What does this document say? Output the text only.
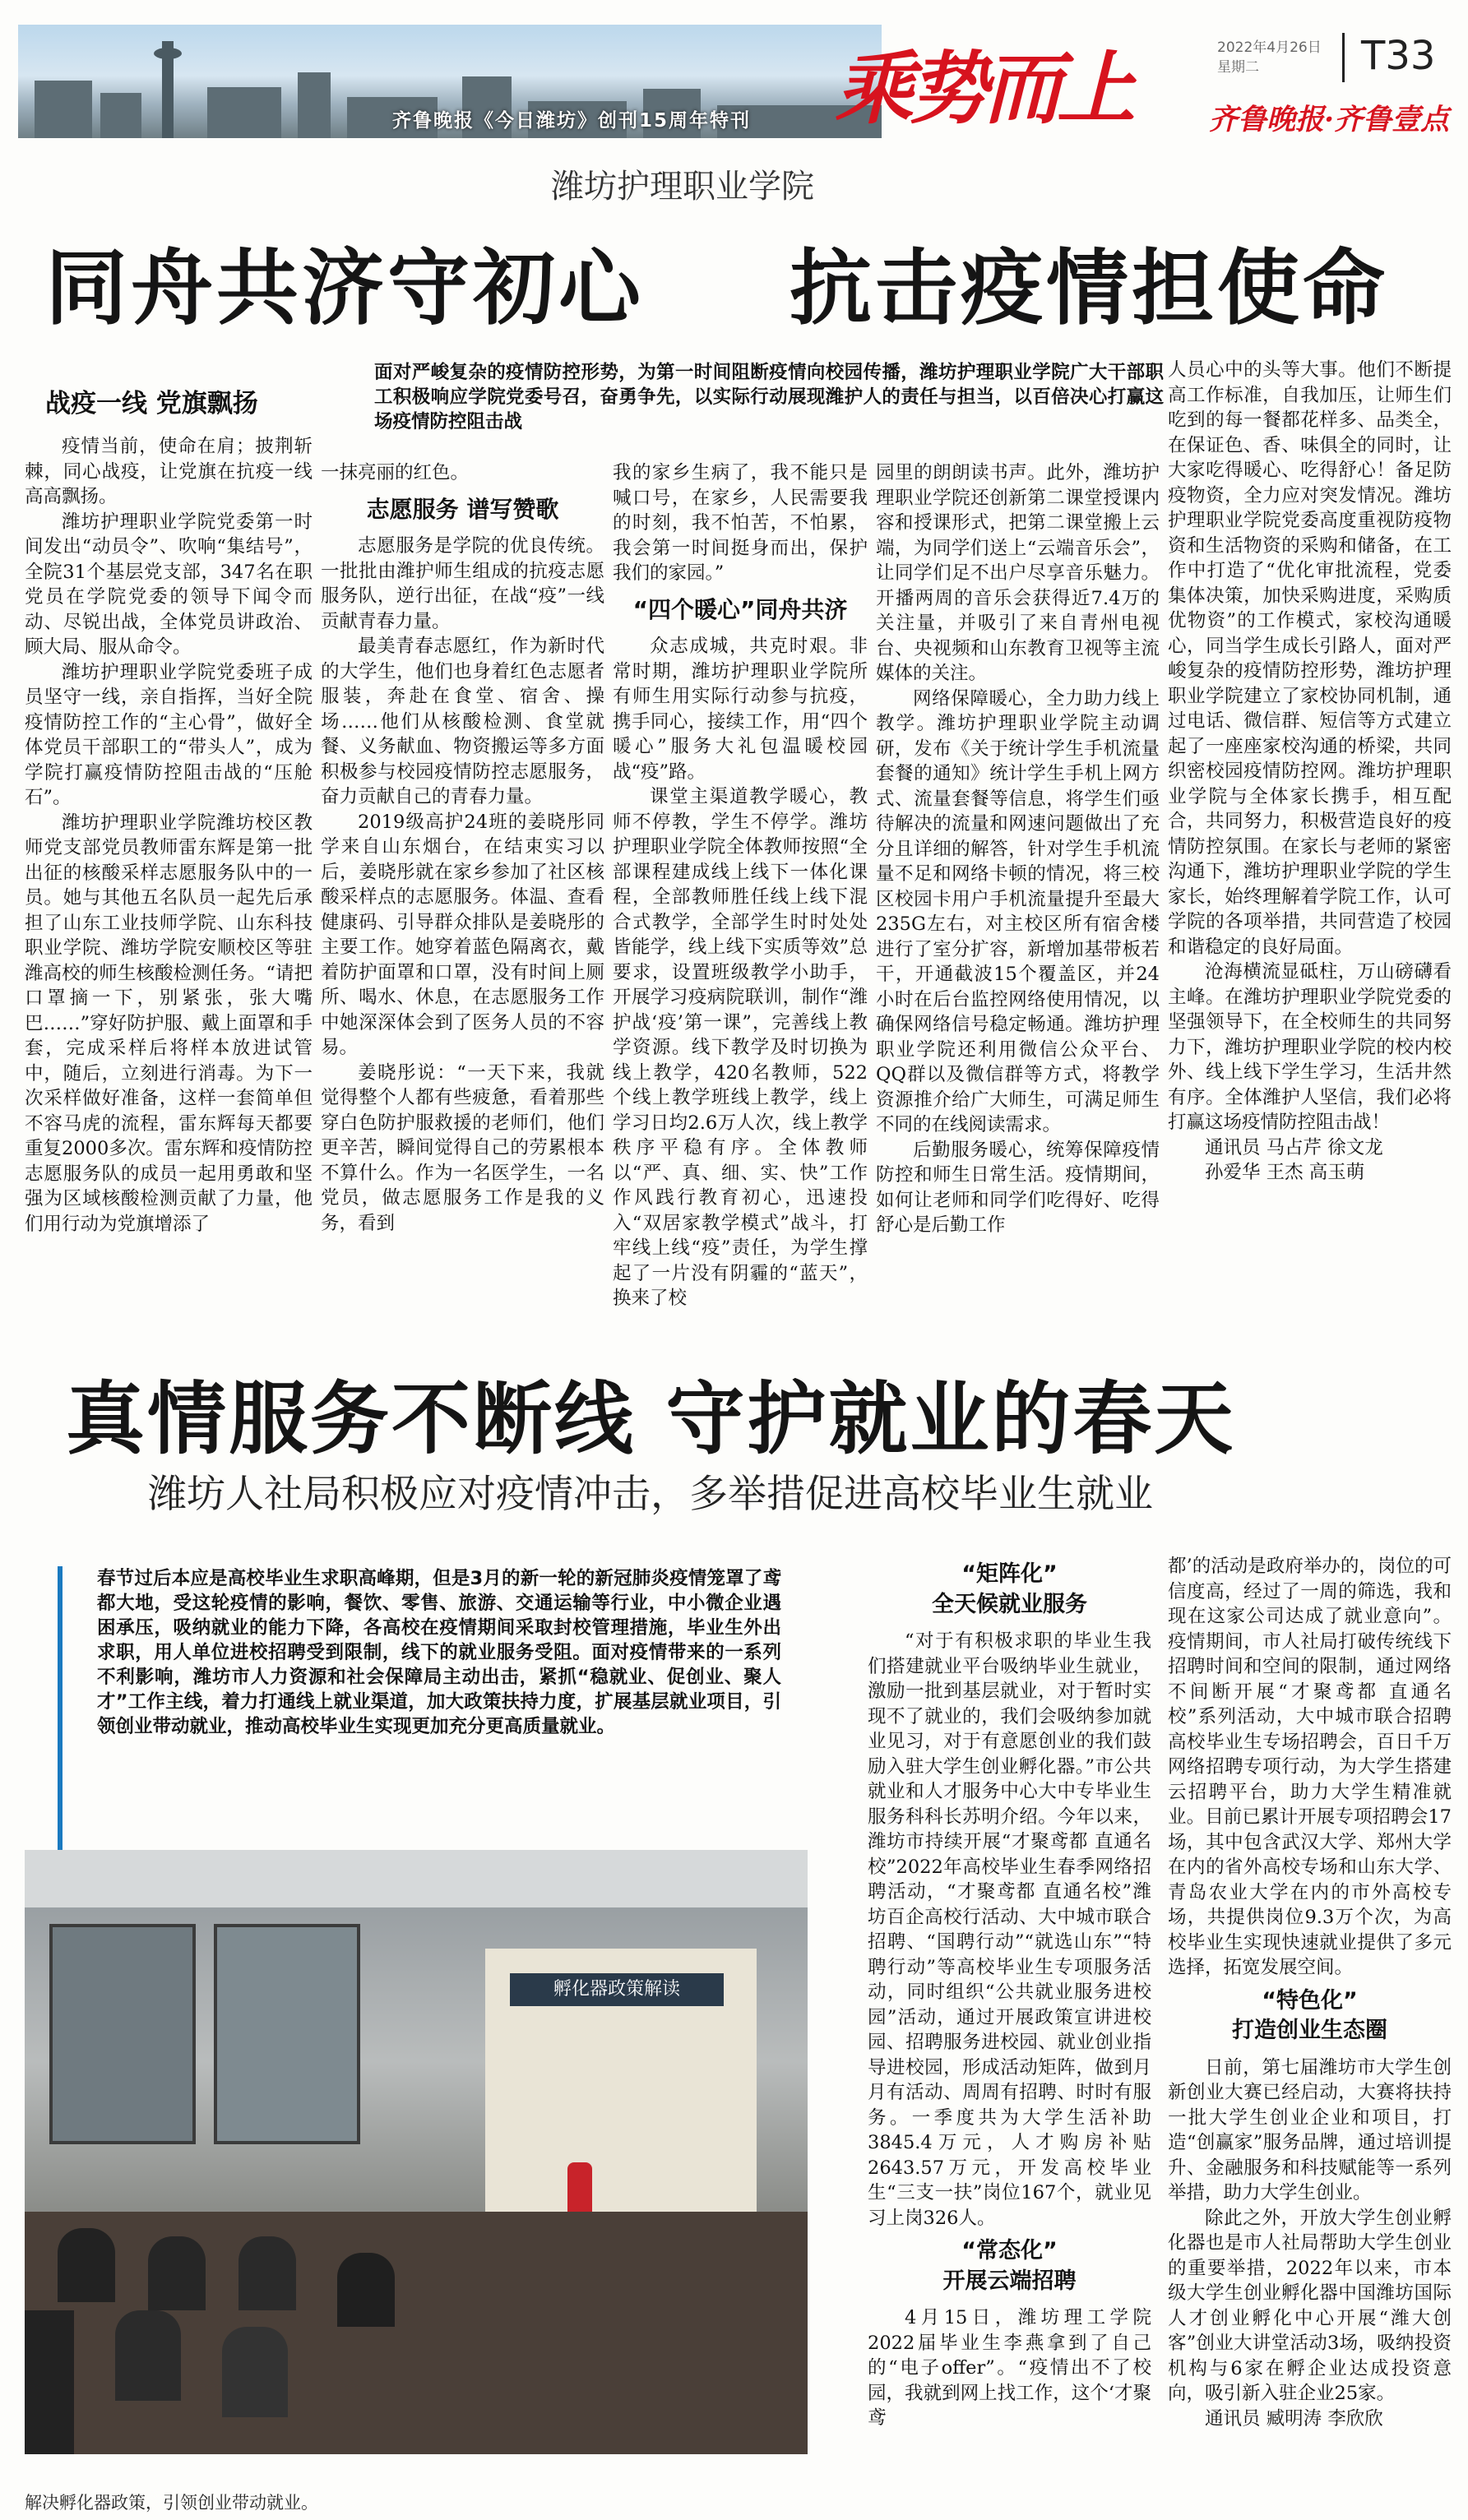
齐鲁晚报《今日潍坊》创刊15周年特刊 乘势而上	2022年4月26日
星期二	T33
齐鲁晚报·齐鲁壹点
潍坊护理职业学院
同舟共济守初心 抗击疫情担使命
面对严峻复杂的疫情防控形势，为第一时间阻断疫情向校园传播，潍坊护理职业学院广大干部职工积极响应学院党委号召，奋勇争先，以实际行动展现潍护人的责任与担当，以百倍决心打赢这场疫情防控阻击战
战疫一线 党旗飘扬

疫情当前，使命在肩；披荆斩棘，同心战疫，让党旗在抗疫一线高高飘扬。

潍坊护理职业学院党委第一时间发出“动员令”、吹响“集结号”，全院31个基层党支部，347名在职党员在学院党委的领导下闻令而动、尽锐出战，全体党员讲政治、顾大局、服从命令。

潍坊护理职业学院党委班子成员坚守一线，亲自指挥，当好全院疫情防控工作的“主心骨”，做好全体党员干部职工的“带头人”，成为学院打赢疫情防控阻击战的“压舱石”。

潍坊护理职业学院潍坊校区教师党支部党员教师雷东辉是第一批出征的核酸采样志愿服务队中的一员。她与其他五名队员一起先后承担了山东工业技师学院、山东科技职业学院、潍坊学院安顺校区等驻潍高校的师生核酸检测任务。“请把口罩摘一下，别紧张，张大嘴巴……”穿好防护服、戴上面罩和手套，完成采样后将样本放进试管中，随后，立刻进行消毒。为下一次采样做好准备，这样一套简单但不容马虎的流程，雷东辉每天都要重复2000多次。雷东辉和疫情防控志愿服务队的成员一起用勇敢和坚强为区域核酸检测贡献了力量，他们用行动为党旗增添了

一抹亮丽的红色。

志愿服务 谱写赞歌

志愿服务是学院的优良传统。一批批由潍护师生组成的抗疫志愿服务队，逆行出征，在战“疫”一线贡献青春力量。

最美青春志愿红，作为新时代的大学生，他们也身着红色志愿者服装，奔赴在食堂、宿舍、操场……他们从核酸检测、食堂就餐、义务献血、物资搬运等多方面积极参与校园疫情防控志愿服务，奋力贡献自己的青春力量。

2019级高护24班的姜晓彤同学来自山东烟台，在结束实习以后，姜晓彤就在家乡参加了社区核酸采样点的志愿服务。体温、查看健康码、引导群众排队是姜晓彤的主要工作。她穿着蓝色隔离衣，戴着防护面罩和口罩，没有时间上厕所、喝水、休息，在志愿服务工作中她深深体会到了医务人员的不容易。

姜晓彤说：“一天下来，我就觉得整个人都有些疲惫，看着那些穿白色防护服救援的老师们，他们更辛苦，瞬间觉得自己的劳累根本不算什么。作为一名医学生，一名党员，做志愿服务工作是我的义务，看到

我的家乡生病了，我不能只是喊口号，在家乡，人民需要我的时刻，我不怕苦，不怕累，我会第一时间挺身而出，保护我们的家园。”

“四个暖心”同舟共济

众志成城，共克时艰。非常时期，潍坊护理职业学院所有师生用实际行动参与抗疫，携手同心，接续工作，用“四个暖心”服务大礼包温暖校园战“疫”路。

课堂主渠道教学暖心，教师不停教，学生不停学。潍坊护理职业学院全体教师按照“全部课程建成线上线下一体化课程，全部教师胜任线上线下混合式教学，全部学生时时处处皆能学，线上线下实质等效”总要求，设置班级教学小助手，开展学习疫病院联训，制作“潍护战‘疫’第一课”，完善线上教学资源。线下教学及时切换为线上教学，420名教师，522个线上教学班线上教学，线上学习日均2.6万人次，线上教学秩序平稳有序。全体教师以“严、真、细、实、快”工作作风践行教育初心，迅速投入“双居家教学模式”战斗，打牢线上线“疫”责任，为学生撑起了一片没有阴霾的“蓝天”，换来了校

园里的朗朗读书声。此外，潍坊护理职业学院还创新第二课堂授课内容和授课形式，把第二课堂搬上云端，为同学们送上“云端音乐会”，让同学们足不出户尽享音乐魅力。开播两周的音乐会获得近7.4万的关注量，并吸引了来自青州电视台、央视频和山东教育卫视等主流媒体的关注。

网络保障暖心，全力助力线上教学。潍坊护理职业学院主动调研，发布《关于统计学生手机流量套餐的通知》统计学生手机上网方式、流量套餐等信息，将学生们亟待解决的流量和网速问题做出了充分且详细的解答，针对学生手机流量不足和网络卡顿的情况，将三校区校园卡用户手机流量提升至最大235G左右，对主校区所有宿舍楼进行了室分扩容，新增加基带板若干，开通截波15个覆盖区，并24小时在后台监控网络使用情况，以确保网络信号稳定畅通。潍坊护理职业学院还利用微信公众平台、QQ群以及微信群等方式，将教学资源推介给广大师生，可满足师生不同的在线阅读需求。

后勤服务暖心，统筹保障疫情防控和师生日常生活。疫情期间，如何让老师和同学们吃得好、吃得舒心是后勤工作

人员心中的头等大事。他们不断提高工作标准，自我加压，让师生们吃到的每一餐都花样多、品类全，在保证色、香、味俱全的同时，让大家吃得暖心、吃得舒心！备足防疫物资，全力应对突发情况。潍坊护理职业学院党委高度重视防疫物资和生活物资的采购和储备，在工作中打造了“优化审批流程，党委集体决策，加快采购进度，采购质优物资”的工作模式，家校沟通暖心，同当学生成长引路人，面对严峻复杂的疫情防控形势，潍坊护理职业学院建立了家校协同机制，通过电话、微信群、短信等方式建立起了一座座家校沟通的桥梁，共同织密校园疫情防控网。潍坊护理职业学院与全体家长携手，相互配合，共同努力，积极营造良好的疫情防控氛围。在家长与老师的紧密沟通下，潍坊护理职业学院的学生家长，始终理解着学院工作，认可学院的各项举措，共同营造了校园和谐稳定的良好局面。

沧海横流显砥柱，万山磅礴看主峰。在潍坊护理职业学院党委的坚强领导下，在全校师生的共同努力下，潍坊护理职业学院的校内校外、线上线下学生学习，生活井然有序。全体潍护人坚信，我们必将打赢这场疫情防控阻击战！

通讯员 马占芹 徐文龙

孙爱华 王杰 高玉萌

真情服务不断线 守护就业的春天
潍坊人社局积极应对疫情冲击，多举措促进高校毕业生就业
春节过后本应是高校毕业生求职高峰期，但是3月的新一轮的新冠肺炎疫情笼罩了鸢都大地，受这轮疫情的影响，餐饮、零售、旅游、交通运输等行业，中小微企业遇困承压，吸纳就业的能力下降，各高校在疫情期间采取封校管理措施，毕业生外出求职，用人单位进校招聘受到限制，线下的就业服务受阻。面对疫情带来的一系列不利影响，潍坊市人力资源和社会保障局主动出击，紧抓“稳就业、促创业、聚人才”工作主线，着力打通线上就业渠道，加大政策扶持力度，扩展基层就业项目，引领创业带动就业，推动高校毕业生实现更加充分更高质量就业。
孵化器政策解读
解决孵化器政策，引领创业带动就业。
“矩阵化”
全天候就业服务

“对于有积极求职的毕业生我们搭建就业平台吸纳毕业生就业，激励一批到基层就业，对于暂时实现不了就业的，我们会吸纳参加就业见习，对于有意愿创业的我们鼓励入驻大学生创业孵化器。”市公共就业和人才服务中心大中专毕业生服务科科长苏明介绍。今年以来，潍坊市持续开展“才聚鸢都 直通名校”2022年高校毕业生春季网络招聘活动，“才聚鸢都 直通名校”潍坊百企高校行活动、大中城市联合招聘、“国聘行动”“就选山东”“特聘行动”等高校毕业生专项服务活动，同时组织“公共就业服务进校园”活动，通过开展政策宣讲进校园、招聘服务进校园、就业创业指导进校园，形成活动矩阵，做到月月有活动、周周有招聘、时时有服务。一季度共为大学生活补助3845.4万元，人才购房补贴2643.57万元，开发高校毕业生“三支一扶”岗位167个，就业见习上岗326人。

“常态化”
开展云端招聘

4月15日，潍坊理工学院2022届毕业生李燕拿到了自己的“电子offer”。“疫情出不了校园，我就到网上找工作，这个‘才聚鸢

都’的活动是政府举办的，岗位的可信度高，经过了一周的筛选，我和现在这家公司达成了就业意向”。疫情期间，市人社局打破传统线下招聘时间和空间的限制，通过网络不间断开展“才聚鸢都 直通名校”系列活动，大中城市联合招聘高校毕业生专场招聘会，百日千万网络招聘专项行动，为大学生搭建云招聘平台，助力大学生精准就业。目前已累计开展专项招聘会17场，其中包含武汉大学、郑州大学在内的省外高校专场和山东大学、青岛农业大学在内的市外高校专场，共提供岗位9.3万个次，为高校毕业生实现快速就业提供了多元选择，拓宽发展空间。

“特色化”
打造创业生态圈

日前，第七届潍坊市大学生创新创业大赛已经启动，大赛将扶持一批大学生创业企业和项目，打造“创赢家”服务品牌，通过培训提升、金融服务和科技赋能等一系列举措，助力大学生创业。

除此之外，开放大学生创业孵化器也是市人社局帮助大学生创业的重要举措，2022年以来，市本级大学生创业孵化器中国潍坊国际人才创业孵化中心开展“潍大创客”创业大讲堂活动3场，吸纳投资机构与6家在孵企业达成投资意向，吸引新入驻企业25家。

通讯员 臧明涛 李欣欣
